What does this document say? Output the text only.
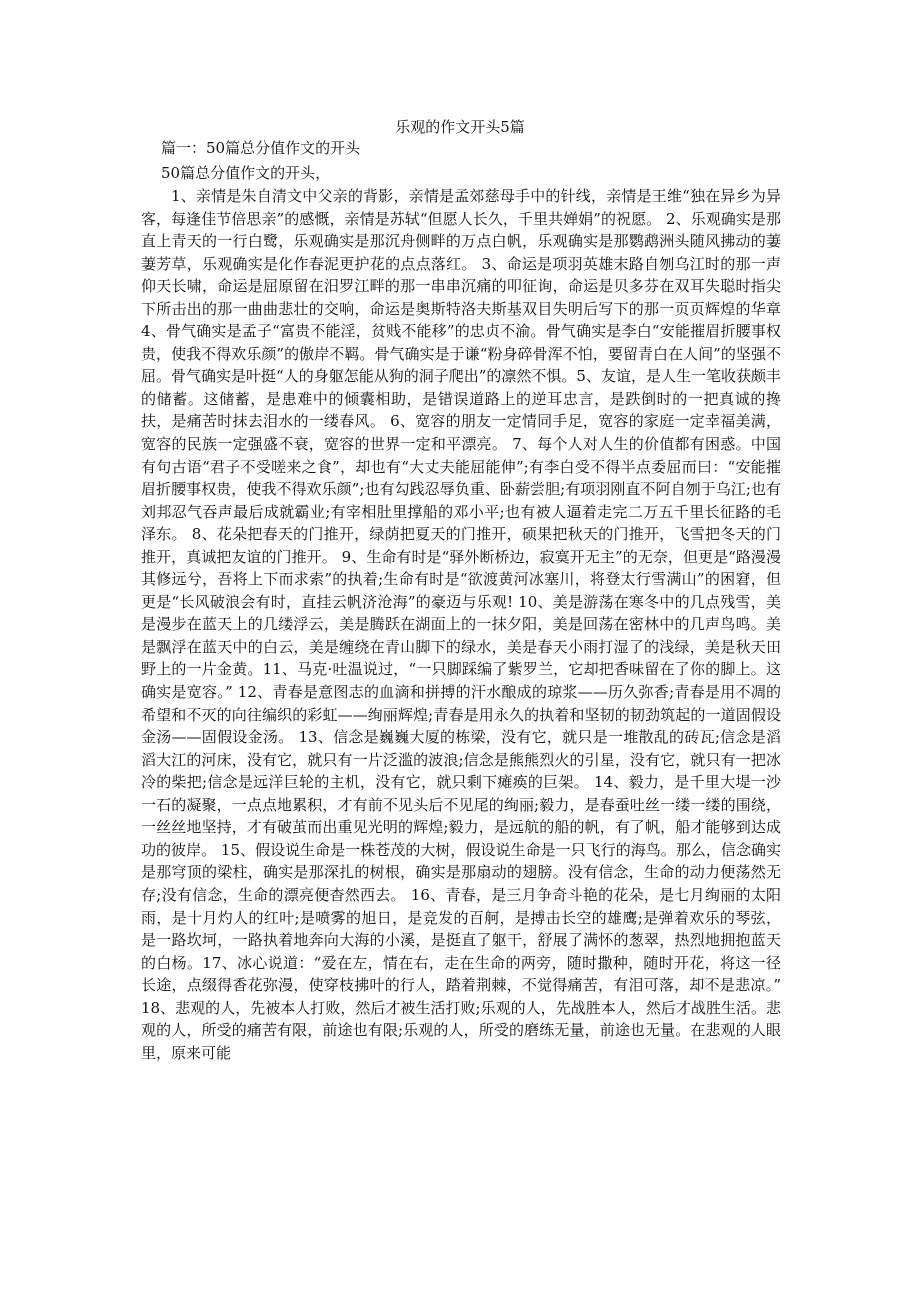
乐观的作文开头5篇
篇一：50篇总分值作文的开头
50篇总分值作文的开头，

1、亲情是朱自清文中父亲的背影，亲情是孟郊慈母手中的针线，亲情是王维“独在异乡为异客，每逢佳节倍思亲”的感慨，亲情是苏轼“但愿人长久，千里共婵娟”的祝愿。 2、乐观确实是那直上青天的一行白鹭，乐观确实是那沉舟侧畔的万点白帆，乐观确实是那鹦鹉洲头随风拂动的萋萋芳草，乐观确实是化作春泥更护花的点点落红。 3、命运是项羽英雄末路自刎乌江时的那一声仰天长啸，命运是屈原留在汨罗江畔的那一串串沉痛的叩征询，命运是贝多芬在双耳失聪时指尖下所击出的那一曲曲悲壮的交响，命运是奥斯特洛夫斯基双目失明后写下的那一页页辉煌的华章 4、骨气确实是孟子“富贵不能淫，贫贱不能移”的忠贞不渝。骨气确实是李白“安能摧眉折腰事权贵，使我不得欢乐颜”的傲岸不羁。骨气确实是于谦“粉身碎骨浑不怕，要留青白在人间”的坚强不屈。骨气确实是叶挺“人的身躯怎能从狗的洞子爬出”的凛然不惧。5、友谊，是人生一笔收获颇丰的储蓄。这储蓄，是患难中的倾囊相助，是错误道路上的逆耳忠言，是跌倒时的一把真诚的搀扶，是痛苦时抹去泪水的一缕春风。 6、宽容的朋友一定情同手足，宽容的家庭一定幸福美满，宽容的民族一定强盛不衰，宽容的世界一定和平漂亮。 7、每个人对人生的价值都有困惑。中国有句古语“君子不受嗟来之食”，却也有“大丈夫能屈能伸”;有李白受不得半点委屈而曰：“安能摧眉折腰事权贵，使我不得欢乐颜”;也有勾践忍辱负重、卧薪尝胆;有项羽刚直不阿自刎于乌江;也有刘邦忍气吞声最后成就霸业;有宰相肚里撑船的邓小平;也有被人逼着走完二万五千里长征路的毛泽东。 8、花朵把春天的门推开，绿荫把夏天的门推开，硕果把秋天的门推开，飞雪把冬天的门推开，真诚把友谊的门推开。 9、生命有时是“驿外断桥边，寂寞开无主”的无奈，但更是“路漫漫其修远兮，吾将上下而求索”的执着;生命有时是“欲渡黄河冰塞川，将登太行雪满山”的困窘，但更是“长风破浪会有时，直挂云帆济沧海”的豪迈与乐观! 10、美是游荡在寒冬中的几点残雪，美是漫步在蓝天上的几缕浮云，美是腾跃在湖面上的一抹夕阳，美是回荡在密林中的几声鸟鸣。美是飘浮在蓝天中的白云，美是缠绕在青山脚下的绿水，美是春天小雨打湿了的浅绿，美是秋天田野上的一片金黄。11、马克·吐温说过，“一只脚踩编了紫罗兰，它却把香味留在了你的脚上。这确实是宽容。” 12、青春是意图志的血滴和拼搏的汗水酿成的琼浆——历久弥香;青春是用不凋的希望和不灭的向往编织的彩虹——绚丽辉煌;青春是用永久的执着和坚韧的韧劲筑起的一道固假设金汤——固假设金汤。 13、信念是巍巍大厦的栋梁，没有它，就只是一堆散乱的砖瓦;信念是滔滔大江的河床，没有它，就只有一片泛滥的波浪;信念是熊熊烈火的引星，没有它，就只有一把冰冷的柴把;信念是远洋巨轮的主机，没有它，就只剩下瘫痪的巨架。 14、毅力，是千里大堤一沙一石的凝聚，一点点地累积，才有前不见头后不见尾的绚丽;毅力，是春蚕吐丝一缕一缕的围绕，一丝丝地坚持，才有破茧而出重见光明的辉煌;毅力，是远航的船的帆，有了帆，船才能够到达成功的彼岸。 15、假设说生命是一株苍茂的大树，假设说生命是一只飞行的海鸟。那么，信念确实是那穹顶的梁柱，确实是那深扎的树根，确实是那扇动的翅膀。没有信念，生命的动力便荡然无存;没有信念，生命的漂亮便杳然西去。 16、青春，是三月争奇斗艳的花朵，是七月绚丽的太阳雨，是十月灼人的红叶;是喷雾的旭日，是竞发的百舸，是搏击长空的雄鹰;是弹着欢乐的琴弦，是一路坎坷，一路执着地奔向大海的小溪，是挺直了躯干，舒展了满怀的葱翠，热烈地拥抱蓝天的白杨。17、冰心说道：“爱在左，情在右，走在生命的两旁，随时撒种，随时开花，将这一径长途，点缀得香花弥漫，使穿枝拂叶的行人，踏着荆棘，不觉得痛苦，有泪可落，却不是悲凉。” 18、悲观的人，先被本人打败，然后才被生活打败;乐观的人，先战胜本人，然后才战胜生活。悲观的人，所受的痛苦有限，前途也有限;乐观的人，所受的磨练无量，前途也无量。在悲观的人眼里，原来可能
